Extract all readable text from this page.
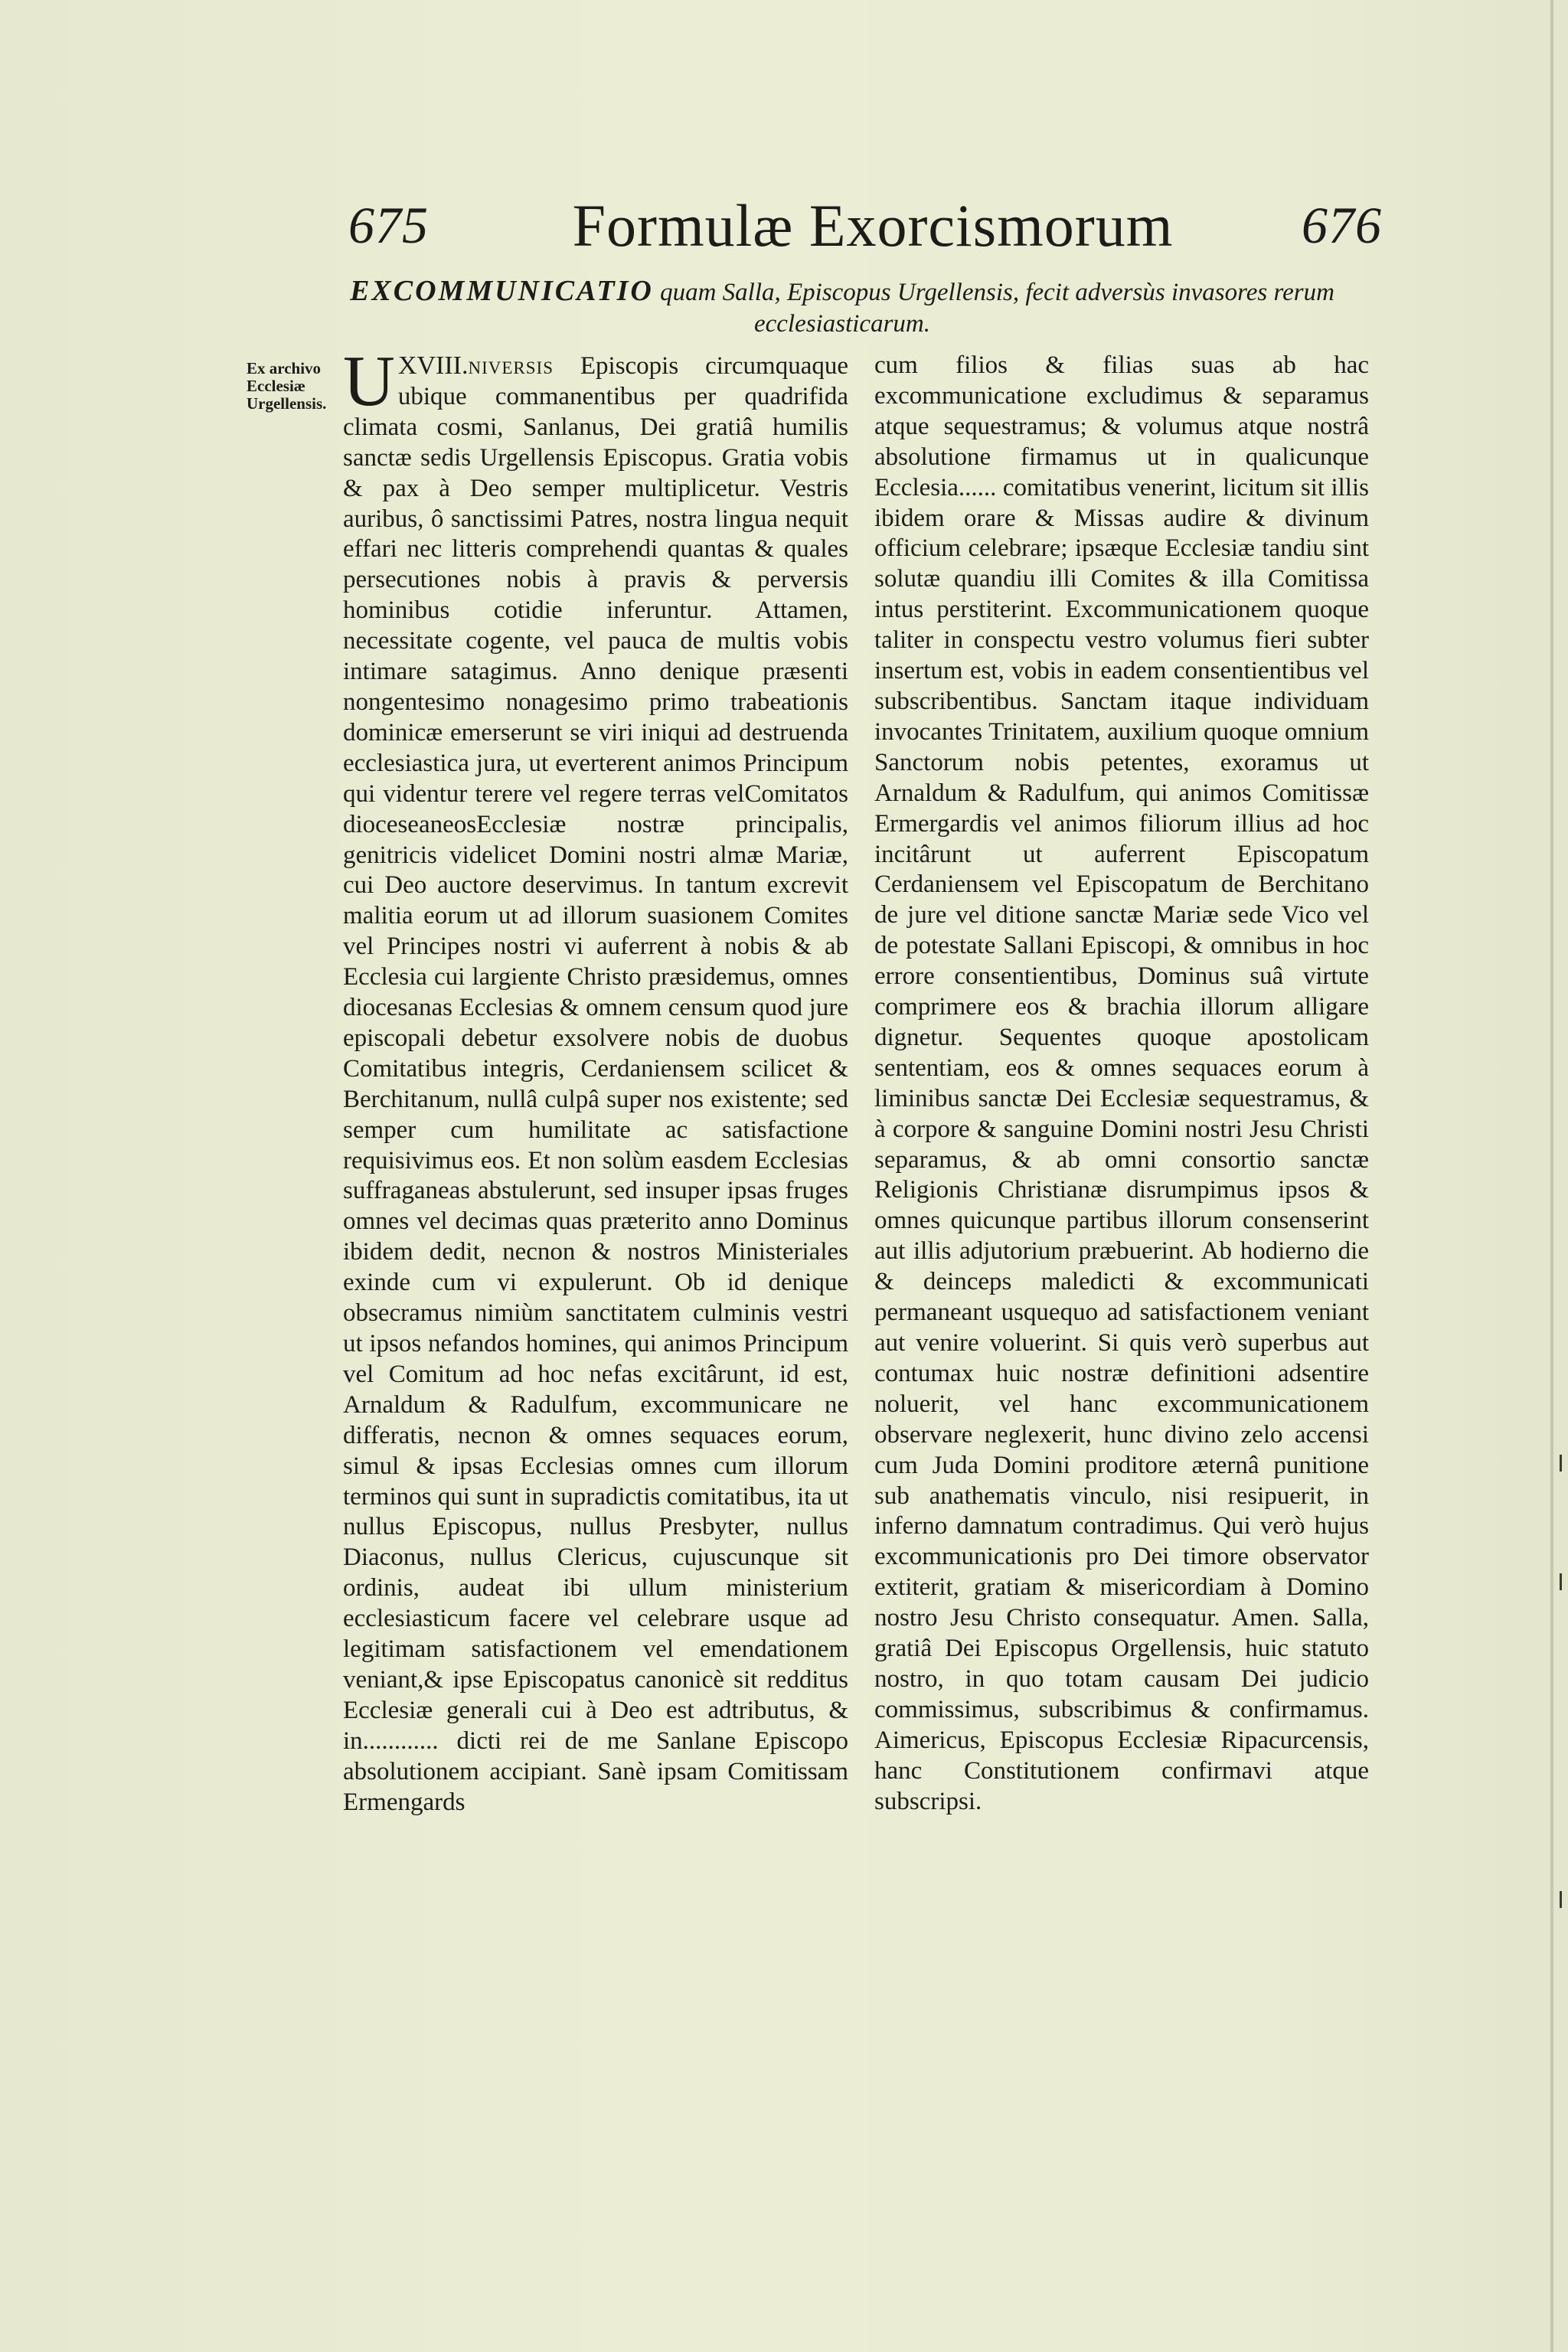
675	Formulæ Exorcismorum	676
EXCOMMUNICATIO quam Salla, Episcopus Urgellensis, fecit adversùs invasores rerum ecclesiasticarum.
Ex archivo Ecclesiæ Urgellensis.

XVIII.
U	niversis Episcopis circumquaque ubique commanentibus per quadrifida climata cosmi, Sanlanus, Dei gratiâ humilis sanctæ sedis Urgellensis Episcopus. Gratia vobis & pax à Deo semper multiplicetur. Vestris auribus, ô sanctissimi Patres, nostra lingua nequit effari nec litteris comprehendi quantas & quales persecutiones nobis à pravis & perversis hominibus cotidie inferuntur. Attamen, necessitate cogente, vel pauca de multis vobis intimare satagimus. Anno denique præsenti nongentesimo nonagesimo primo trabeationis dominicæ emerserunt se viri iniqui ad destruenda ecclesiastica jura, ut everterent animos Principum qui videntur terere vel regere terras velComitatos dioceseaneosEcclesiæ nostræ principalis, genitricis videlicet Domini nostri almæ Mariæ, cui Deo auctore deservimus. In tantum excrevit malitia eorum ut ad illorum suasionem Comites vel Principes nostri vi auferrent à nobis & ab Ecclesia cui largiente Christo præsidemus, omnes diocesanas Ecclesias & omnem censum quod jure episcopali debetur exsolvere nobis de duobus Comitatibus integris, Cerdaniensem scilicet & Berchitanum, nullâ culpâ super nos existente; sed semper cum humilitate ac satisfactione requisivimus eos. Et non solùm easdem Ecclesias suffraganeas abstulerunt, sed insuper ipsas fruges omnes vel decimas quas præterito anno Dominus ibidem dedit, necnon & nostros Ministeriales exinde cum vi expulerunt. Ob id denique obsecramus nimiùm sanctitatem culminis vestri ut ipsos nefandos homines, qui animos Principum vel Comitum ad hoc nefas excitârunt, id est, Arnaldum & Radulfum, excommunicare ne differatis, necnon & omnes sequaces eorum, simul & ipsas Ecclesias omnes cum illorum terminos qui sunt in supradictis comitatibus, ita ut nullus Episcopus, nullus Presbyter, nullus Diaconus, nullus Clericus, cujuscunque sit ordinis, audeat ibi ullum ministerium ecclesiasticum facere vel celebrare usque ad legitimam satisfactionem vel emendationem veniant,& ipse Episcopatus canonicè sit redditus Ecclesiæ generali cui à Deo est adtributus, & in............ dicti rei de me Sanlane Episcopo absolutionem accipiant. Sanè ipsam Comitissam Ermengards

cum filios & filias suas ab hac excommunicatione excludimus & separamus atque sequestramus; & volumus atque nostrâ absolutione firmamus ut in qualicunque Ecclesia...... comitatibus venerint, licitum sit illis ibidem orare & Missas audire & divinum officium celebrare; ipsæque Ecclesiæ tandiu sint solutæ quandiu illi Comites & illa Comitissa intus perstiterint. Excommunicationem quoque taliter in conspectu vestro volumus fieri subter insertum est, vobis in eadem consentientibus vel subscribentibus. Sanctam itaque individuam invocantes Trinitatem, auxilium quoque omnium Sanctorum nobis petentes, exoramus ut Arnaldum & Radulfum, qui animos Comitissæ Ermergardis vel animos filiorum illius ad hoc incitârunt ut auferrent Episcopatum Cerdaniensem vel Episcopatum de Berchitano de jure vel ditione sanctæ Mariæ sede Vico vel de potestate Sallani Episcopi, & omnibus in hoc errore consentientibus, Dominus suâ virtute comprimere eos & brachia illorum alligare dignetur. Sequentes quoque apostolicam sententiam, eos & omnes sequaces eorum à liminibus sanctæ Dei Ecclesiæ sequestramus, & à corpore & sanguine Domini nostri Jesu Christi separamus, & ab omni consortio sanctæ Religionis Christianæ disrumpimus ipsos & omnes quicunque partibus illorum consenserint aut illis adjutorium præbuerint. Ab hodierno die & deinceps maledicti & excommunicati permaneant usquequo ad satisfactionem veniant aut venire voluerint. Si quis verò superbus aut contumax huic nostræ definitioni adsentire noluerit, vel hanc excommunicationem observare neglexerit, hunc divino zelo accensi cum Juda Domini proditore æternâ punitione sub anathematis vinculo, nisi resipuerit, in inferno damnatum contradimus. Qui verò hujus excommunicationis pro Dei timore observator extiterit, gratiam & misericordiam à Domino nostro Jesu Christo consequatur. Amen. Salla, gratiâ Dei Episcopus Orgellensis, huic statuto nostro, in quo totam causam Dei judicio commissimus, subscribimus & confirmamus. Aimericus, Episcopus Ecclesiæ Ripacurcensis, hanc Constitutionem confirmavi atque subscripsi.
